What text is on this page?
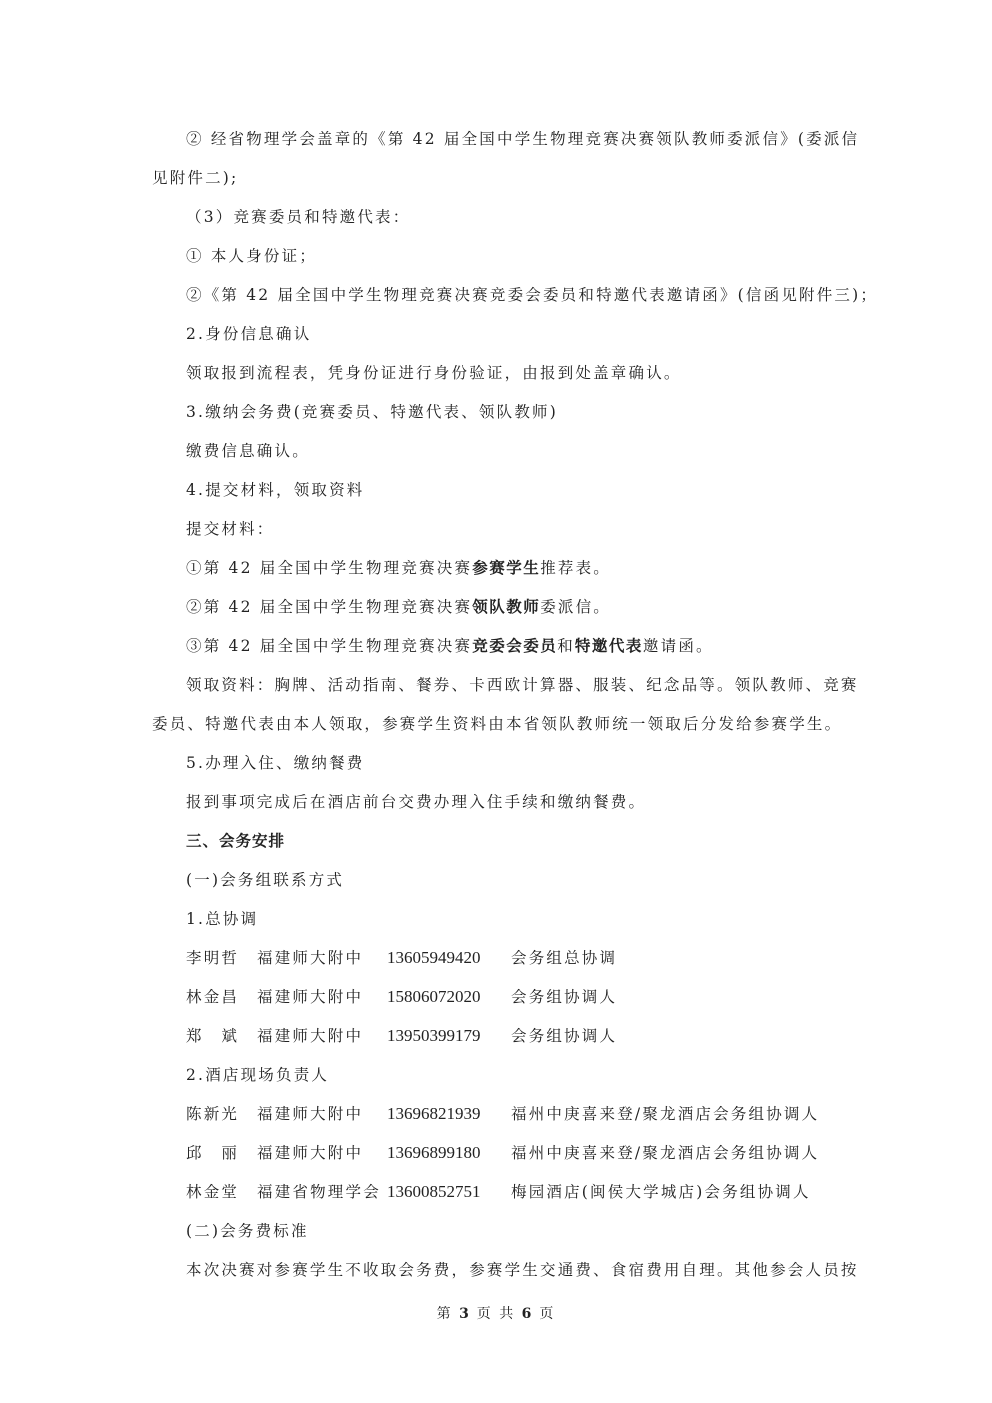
2.酒店现场负责人
(二)会务费标准
本次决赛对参赛学生不收取会务费，参赛学生交通费、食宿费用自理。其他参会人员按
第 3 页 共 6 页
② 经省物理学会盖章的《第 42 届全国中学生物理竞赛决赛领队教师委派信》(委派信
见附件二);
（3）竞赛委员和特邀代表：
① 本人身份证；
②《第 42 届全国中学生物理竞赛决赛竞委会委员和特邀代表邀请函》(信函见附件三)；
2.身份信息确认
领取报到流程表，凭身份证进行身份验证，由报到处盖章确认。
3.缴纳会务费(竞赛委员、特邀代表、领队教师)
缴费信息确认。
4.提交材料，领取资料
提交材料：
①第 42 届全国中学生物理竞赛决赛参赛学生推荐表。
②第 42 届全国中学生物理竞赛决赛领队教师委派信。
③第 42 届全国中学生物理竞赛决赛竞委会委员和特邀代表邀请函。
领取资料：胸牌、活动指南、餐券、卡西欧计算器、服装、纪念品等。领队教师、竞赛
委员、特邀代表由本人领取，参赛学生资料由本省领队教师统一领取后分发给参赛学生。
5.办理入住、缴纳餐费
报到事项完成后在酒店前台交费办理入住手续和缴纳餐费。
三、会务安排
(一)会务组联系方式
1.总协调
李明哲 福建师大附中 13605949420 会务组总协调
林金昌 福建师大附中 15806072020 会务组协调人
郑　斌 福建师大附中 13950399179 会务组协调人
陈新光 福建师大附中 13696821939 福州中庚喜来登/聚龙酒店会务组协调人
邱　丽 福建师大附中 13696899180 福州中庚喜来登/聚龙酒店会务组协调人
林金堂 福建省物理学会 13600852751 梅园酒店(闽侯大学城店)会务组协调人
